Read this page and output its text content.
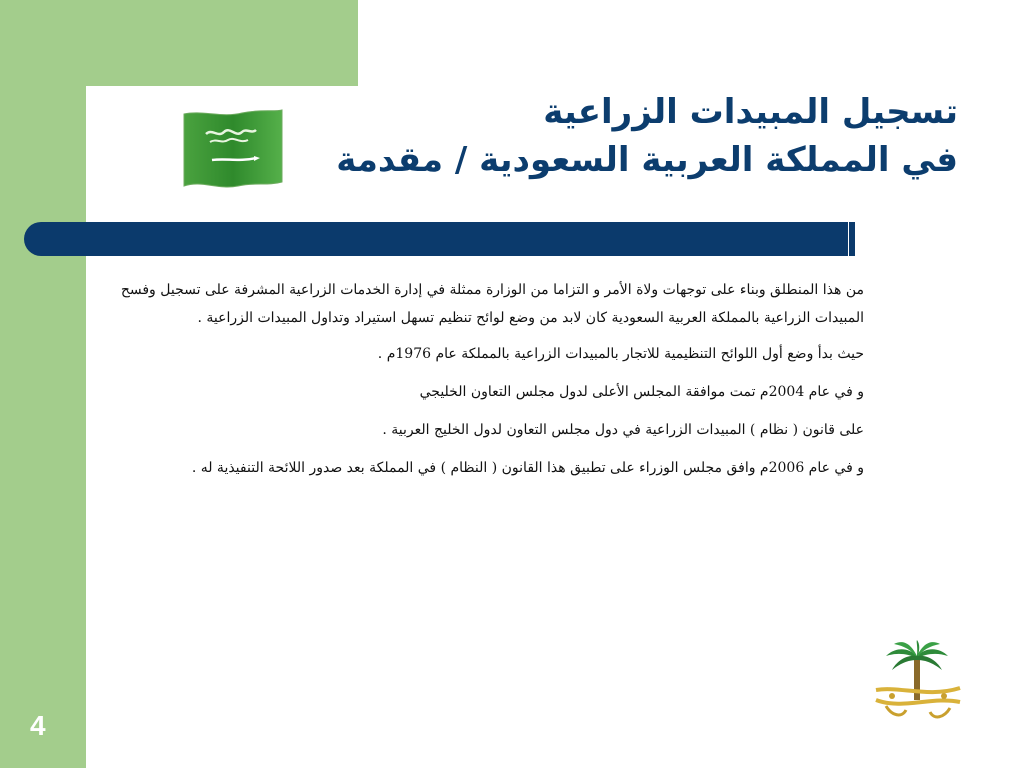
4
تسجيل المبيدات الزراعية
في المملكة العربية السعودية / مقدمة

من هذا المنطلق وبناء على توجهات ولاة الأمر و التزاما من الوزارة ممثلة في إدارة الخدمات الزراعية المشرفة على تسجيل وفسح المبيدات الزراعية بالمملكة العربية السعودية كان لابد من وضع لوائح تنظيم تسهل استيراد وتداول المبيدات الزراعية .

حيث بدأ وضع أول اللوائح التنظيمية للاتجار بالمبيدات الزراعية بالمملكة عام 1976م .

و في عام 2004م تمت موافقة المجلس الأعلى لدول مجلس التعاون الخليجي

على قانون ( نظام ) المبيدات الزراعية في دول مجلس التعاون لدول الخليج العربية .

و في عام 2006م وافق مجلس الوزراء على تطبيق هذا القانون ( النظام ) في المملكة بعد صدور اللائحة التنفيذية له .
